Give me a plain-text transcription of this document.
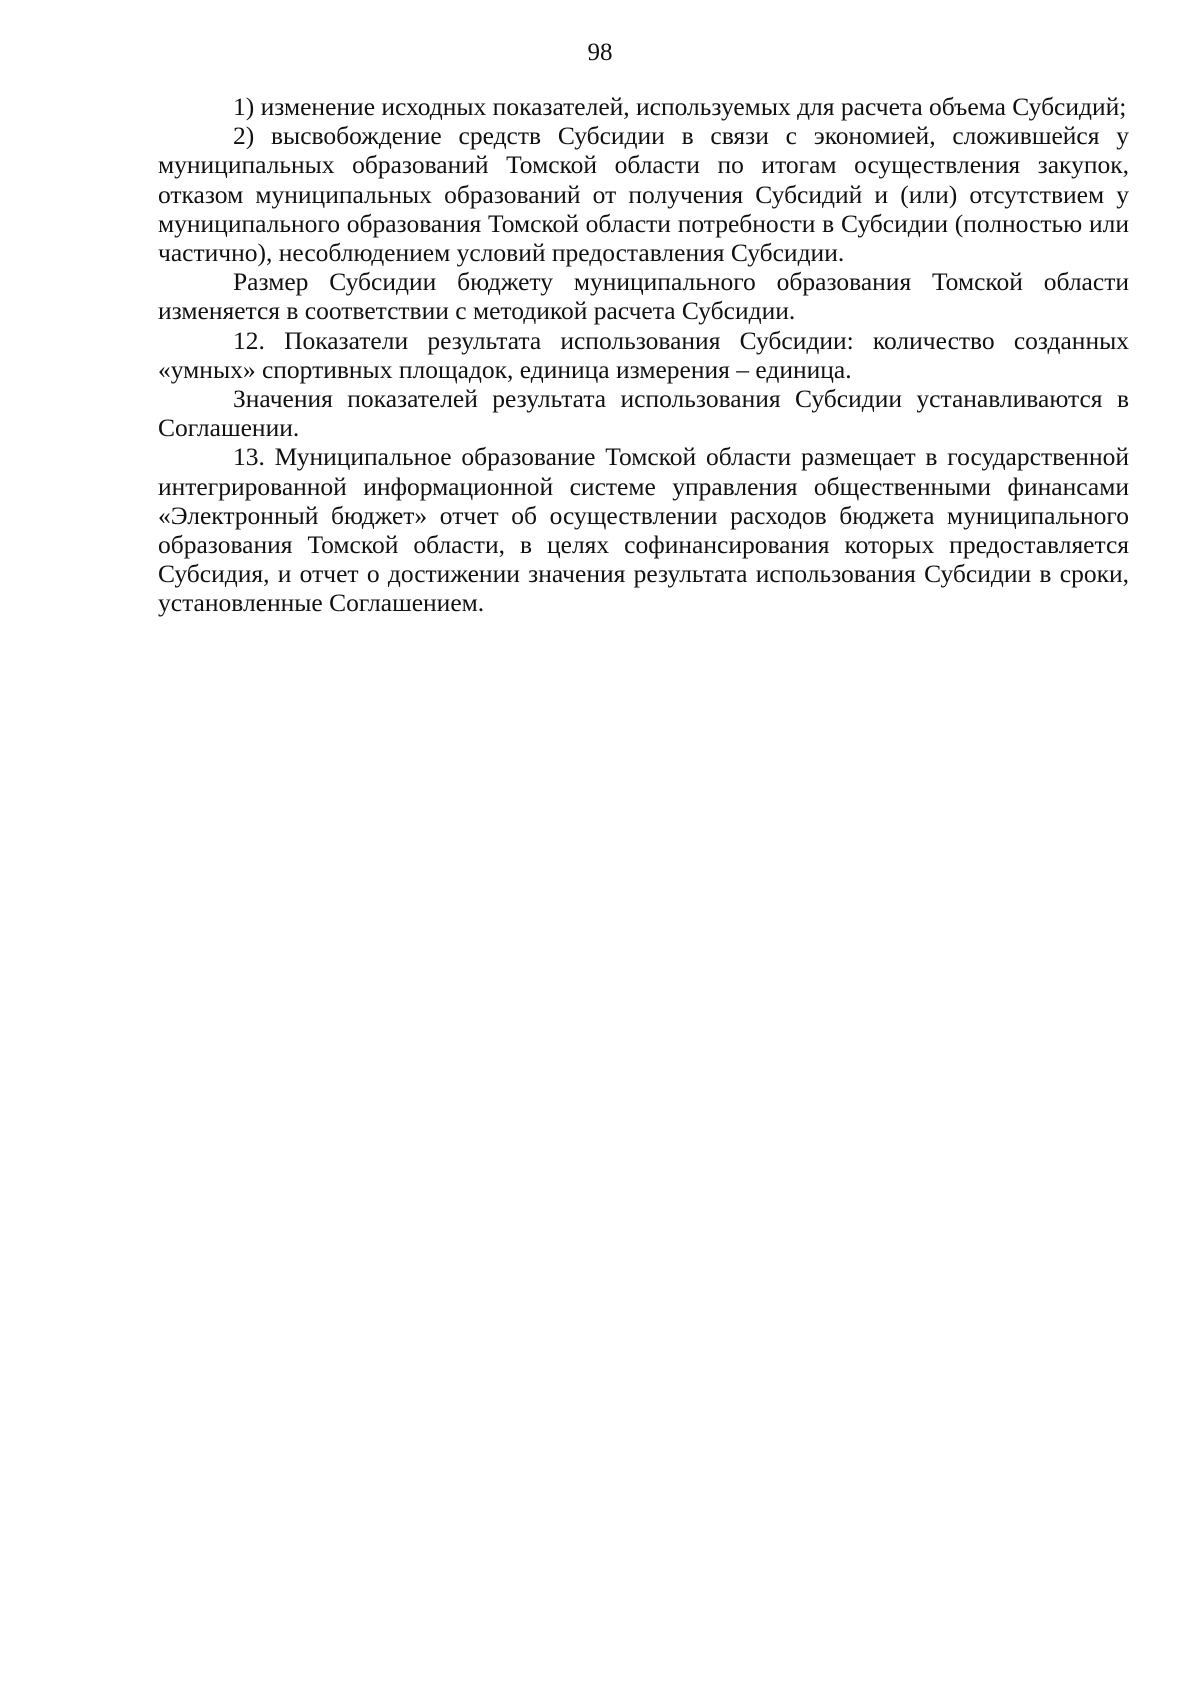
98

1) изменение исходных показателей, используемых для расчета объема Субсидий;

2) высвобождение средств Субсидии в связи с экономией, сложившейся у муниципальных образований Томской области по итогам осуществления закупок, отказом муниципальных образований от получения Субсидий и (или) отсутствием у муниципального образования Томской области потребности в Субсидии (полностью или частично), несоблюдением условий предоставления Субсидии.

Размер Субсидии бюджету муниципального образования Томской области изменяется в соответствии с методикой расчета Субсидии.

12. Показатели результата использования Субсидии: количество созданных «умных» спортивных площадок, единица измерения – единица.

Значения показателей результата использования Субсидии устанавливаются в Соглашении.

13. Муниципальное образование Томской области размещает в государственной интегрированной информационной системе управления общественными финансами «Электронный бюджет» отчет об осуществлении расходов бюджета муниципального образования Томской области, в целях софинансирования которых предоставляется Субсидия, и отчет о достижении значения результата использования Субсидии в сроки, установленные Соглашением.
